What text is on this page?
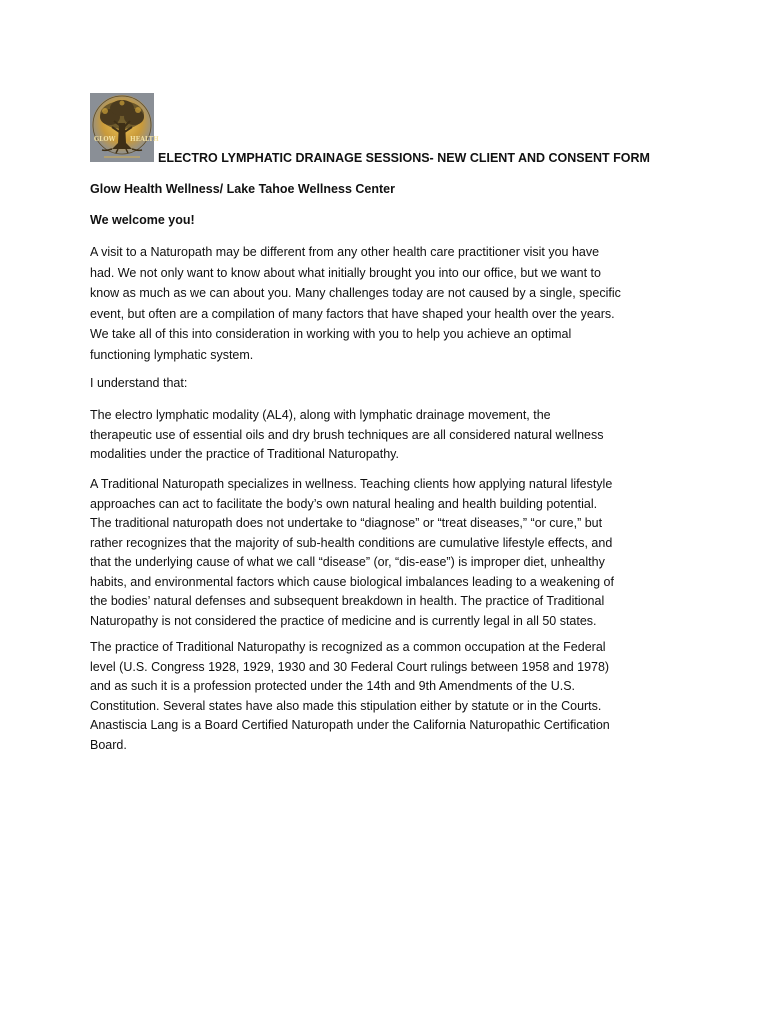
GLOW HEALTH
ELECTRO LYMPHATIC DRAINAGE SESSIONS- NEW CLIENT AND CONSENT FORM
Glow Health Wellness/ Lake Tahoe Wellness Center
We welcome you!
A visit to a Naturopath may be different from any other health care practitioner visit you have
had. We not only want to know about what initially brought you into our office, but we want to
know as much as we can about you. Many challenges today are not caused by a single, specific
event, but often are a compilation of many factors that have shaped your health over the years.
We take all of this into consideration in working with you to help you achieve an optimal
functioning lymphatic system.
I understand that:
The electro lymphatic modality (AL4), along with lymphatic drainage movement, the
therapeutic use of essential oils and dry brush techniques are all considered natural wellness
modalities under the practice of Traditional Naturopathy.
A Traditional Naturopath specializes in wellness. Teaching clients how applying natural lifestyle
approaches can act to facilitate the body’s own natural healing and health building potential.
The traditional naturopath does not undertake to “diagnose” or “treat diseases,” “or cure,” but
rather recognizes that the majority of sub-health conditions are cumulative lifestyle effects, and
that the underlying cause of what we call “disease” (or, “dis-ease”) is improper diet, unhealthy
habits, and environmental factors which cause biological imbalances leading to a weakening of
the bodies’ natural defenses and subsequent breakdown in health. The practice of Traditional
Naturopathy is not considered the practice of medicine and is currently legal in all 50 states.
The practice of Traditional Naturopathy is recognized as a common occupation at the Federal
level (U.S. Congress 1928, 1929, 1930 and 30 Federal Court rulings between 1958 and 1978)
and as such it is a profession protected under the 14th and 9th Amendments of the U.S.
Constitution. Several states have also made this stipulation either by statute or in the Courts.
Anastiscia Lang is a Board Certified Naturopath under the California Naturopathic Certification
Board.
